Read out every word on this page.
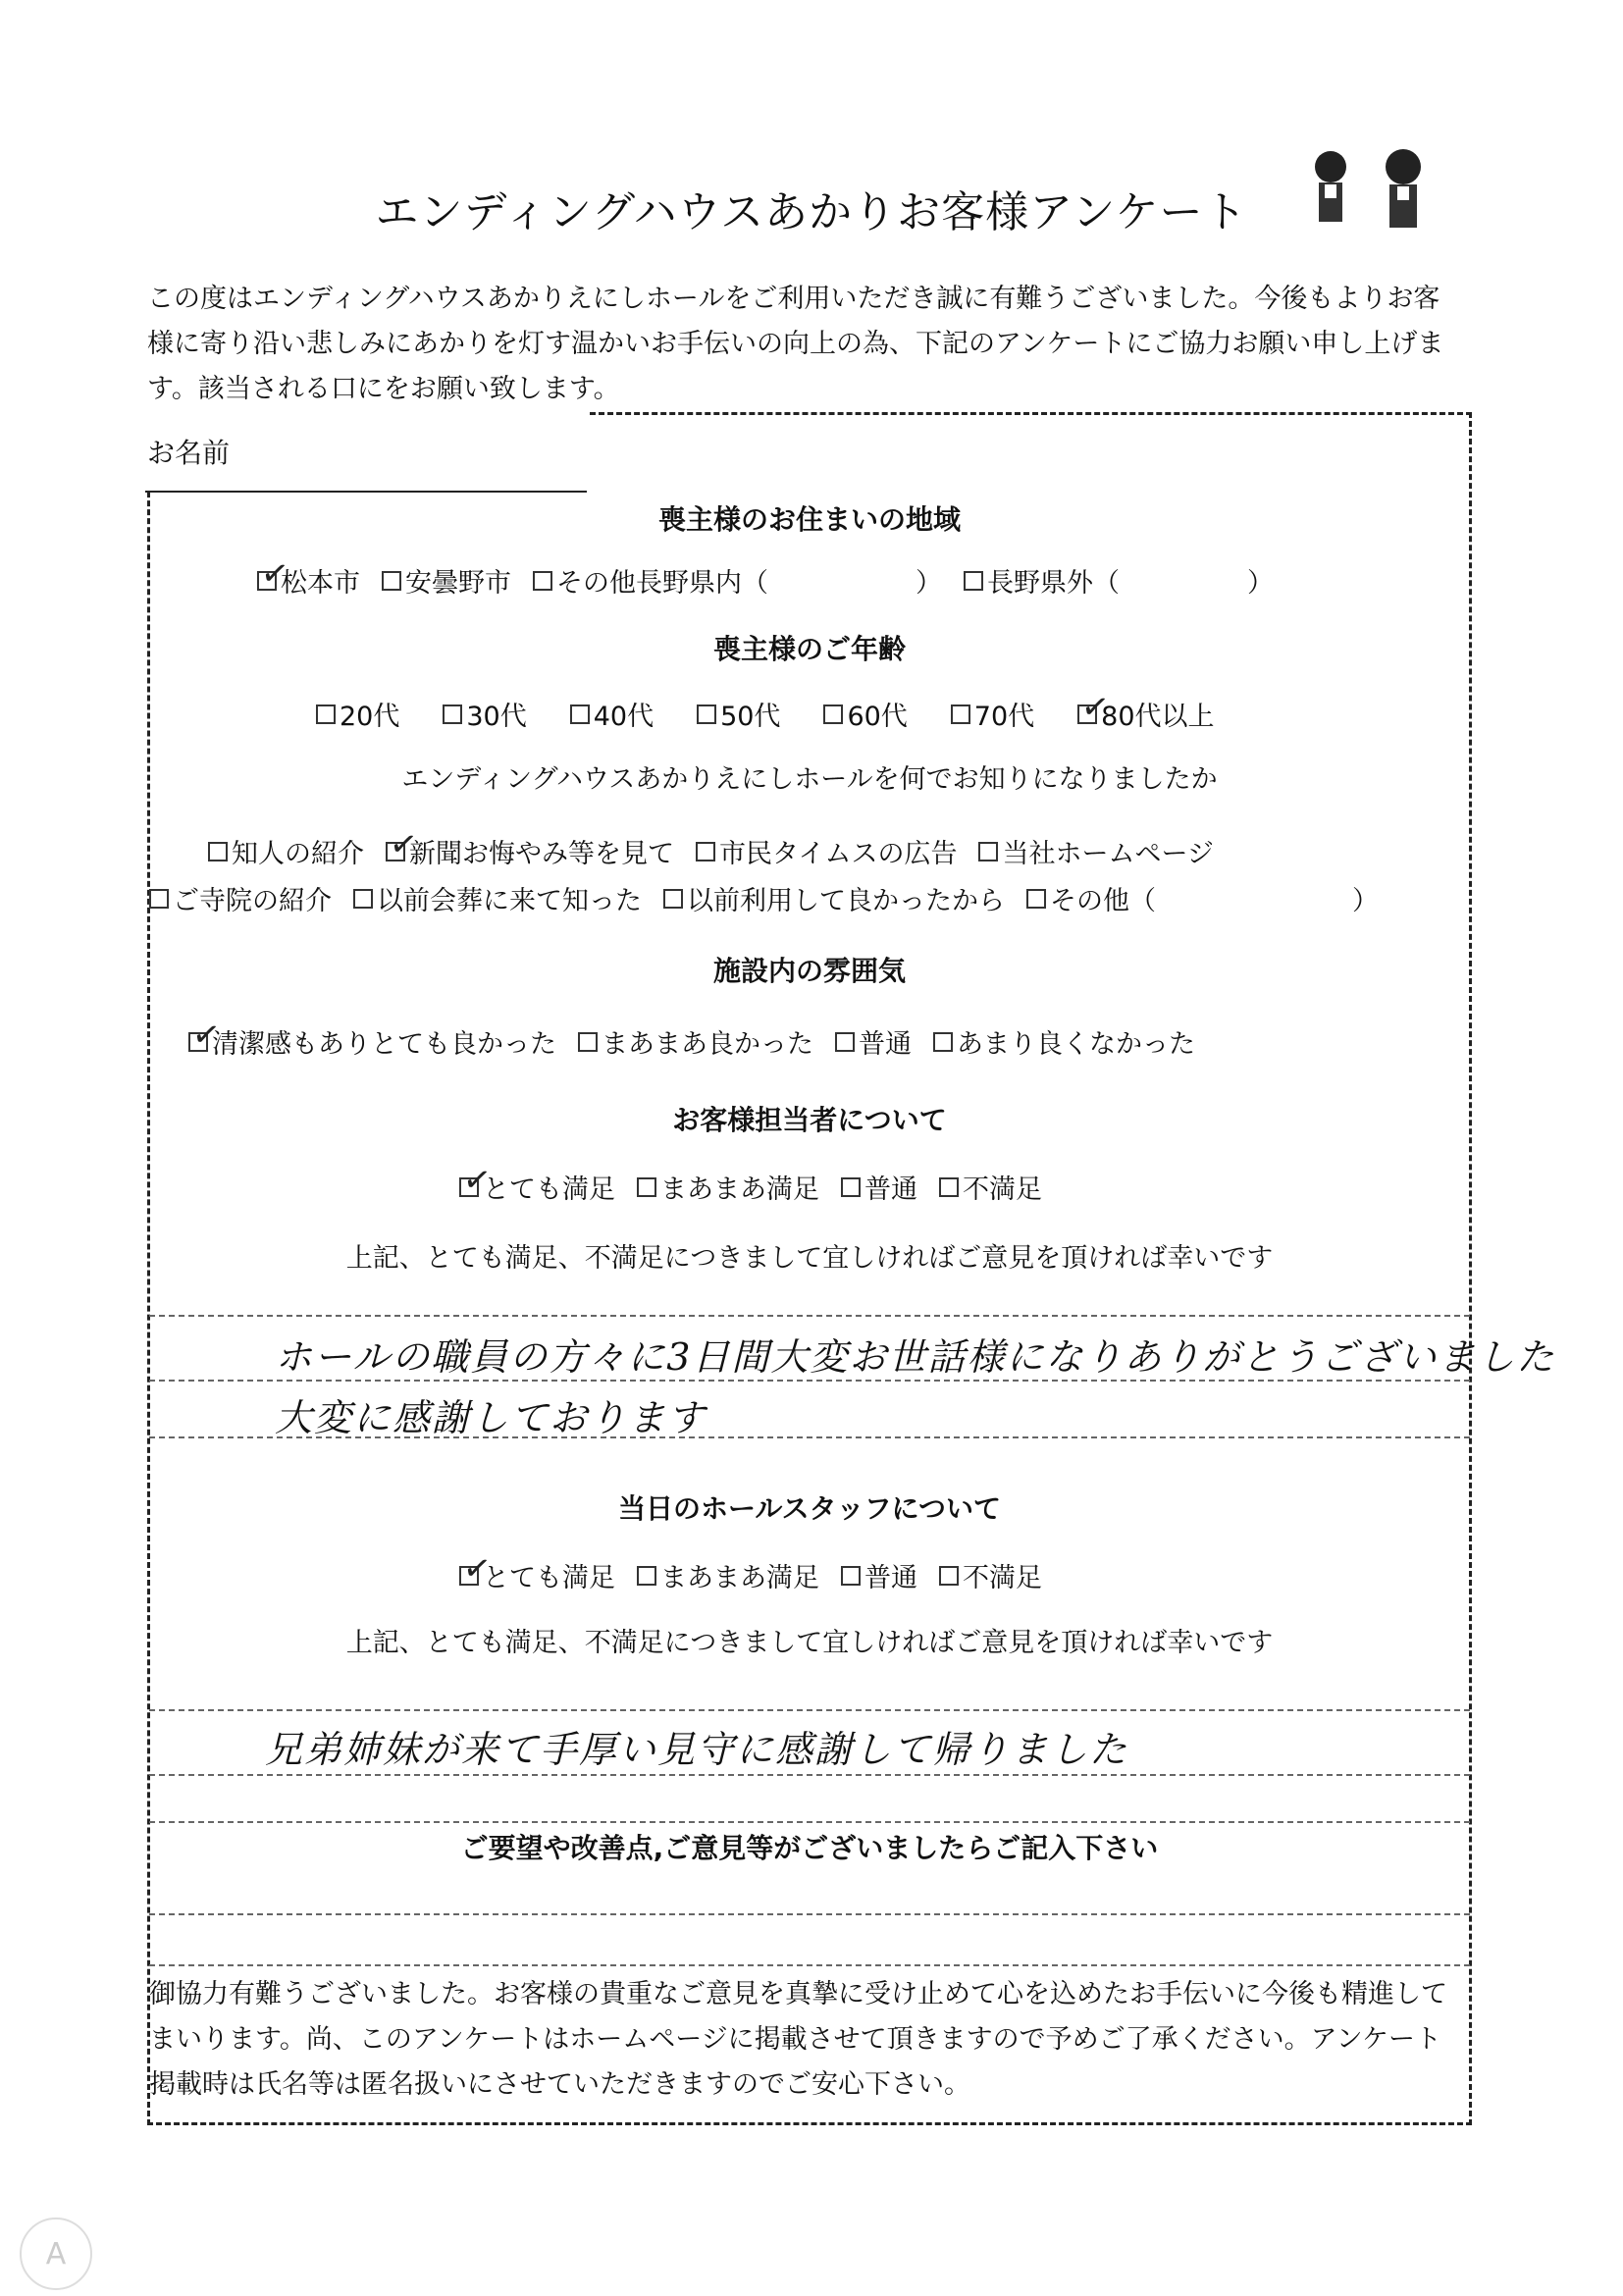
エンディングハウスあかりお客様アンケート
この度はエンディングハウスあかりえにしホールをご利用いただき誠に有難うございました。今後もよりお客様に寄り沿い悲しみにあかりを灯す温かいお手伝いの向上の為、下記のアンケートにご協力お願い申し上げます。該当される口にをお願い致します。
お名前
喪主様のお住まいの地域
✓
松本市 安曇野市 その他長野県内（	） 長野県外（	）
喪主様のご年齢
20代	30代	40代	50代	60代	70代 ✓
80代以上
エンディングハウスあかりえにしホールを何でお知りになりましたか
知人の紹介 ✓
新聞お悔やみ等を見て 市民タイムスの広告 当社ホームページ
ご寺院の紹介 以前会葬に来て知った 以前利用して良かったから その他（	）
施設内の雰囲気
✓
清潔感もありとても良かった まあまあ良かった 普通 あまり良くなかった
お客様担当者について
✓
とても満足 まあまあ満足 普通 不満足
上記、とても満足、不満足につきまして宜しければご意見を頂ければ幸いです
ホールの職員の方々に3日間大変お世話様になりありがとうございました
大変に感謝しております
当日のホールスタッフについて
✓
とても満足 まあまあ満足 普通 不満足
上記、とても満足、不満足につきまして宜しければご意見を頂ければ幸いです
兄弟姉妹が来て手厚い見守に感謝して帰りました
ご要望や改善点,ご意見等がございましたらご記入下さい
御協力有難うございました。お客様の貴重なご意見を真摯に受け止めて心を込めたお手伝いに今後も精進してまいります。尚、このアンケートはホームページに掲載させて頂きますので予めご了承ください。アンケート掲載時は氏名等は匿名扱いにさせていただきますのでご安心下さい。
A
